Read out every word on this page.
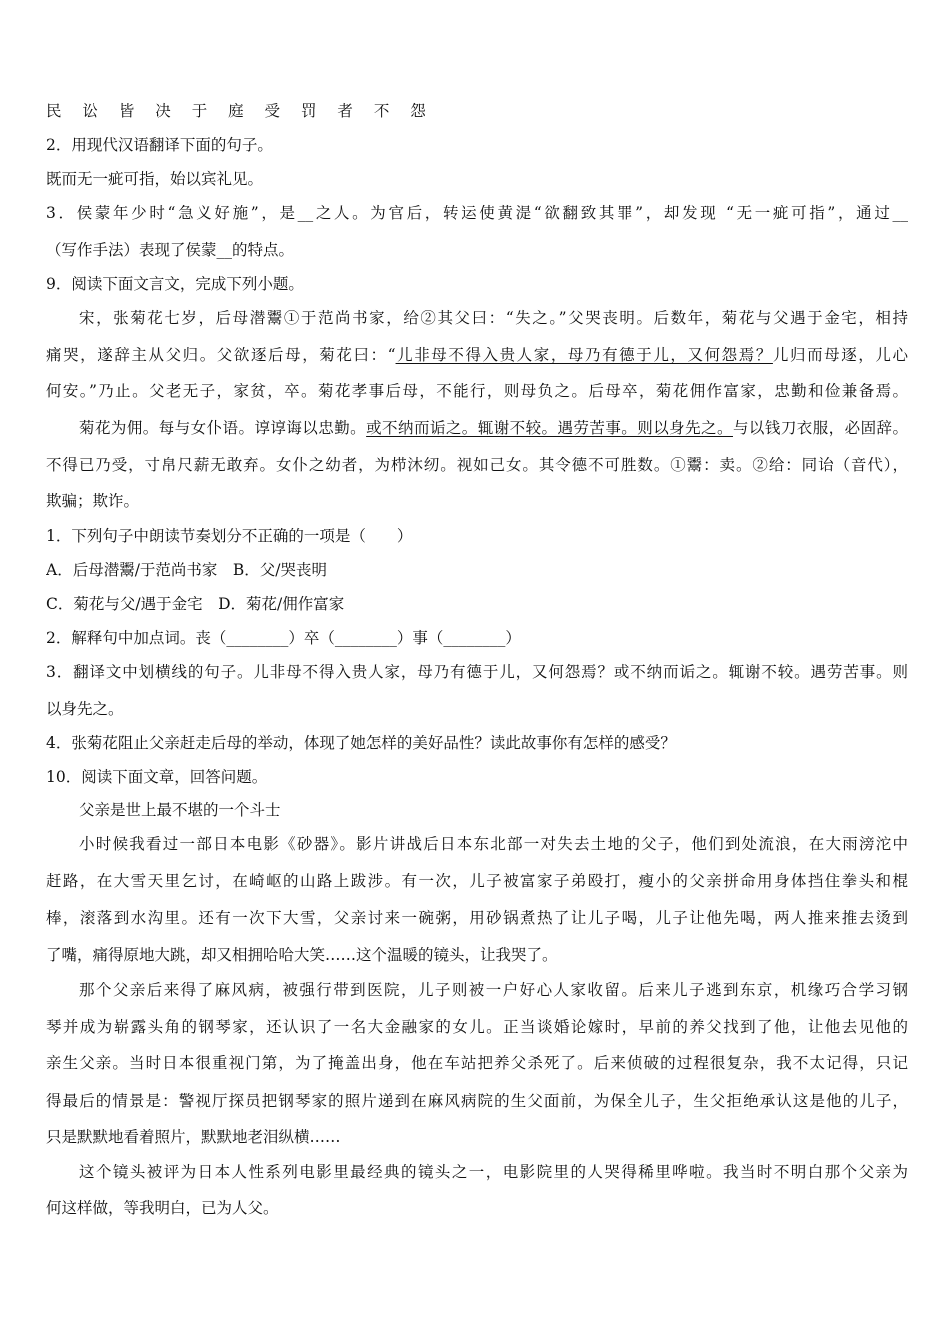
民 讼 皆 决 于 庭 受 罚 者 不 怨
2．用现代汉语翻译下面的句子。
既而无一疵可指，始以宾礼见。
3．侯蒙年少时“急义好施”，是__之人。为官后，转运使黄湜“欲翻致其罪”，却发现 “无一疵可指”，通过__
（写作手法）表现了侯蒙__的特点。
9．阅读下面文言文，完成下列小题。
宋，张菊花七岁，后母潜鬻①于范尚书家，给②其父曰：“失之。”父哭丧明。后数年，菊花与父遇于金宅，相持
痛哭，遂辞主从父归。父欲逐后母，菊花曰：“儿非母不得入贵人家，母乃有德于儿，又何怨焉？儿归而母逐，儿心
何安。”乃止。父老无子，家贫，卒。菊花孝事后母，不能行，则母负之。后母卒，菊花佣作富家，忠勤和俭兼备焉。
菊花为佣。每与女仆语。谆谆诲以忠勤。或不纳而诟之。辄谢不较。遇劳苦事。则以身先之。与以钱刀衣服，必固辞。
不得已乃受，寸帛尺薪无敢弃。女仆之幼者，为栉沐纫。视如己女。其令德不可胜数。①鬻：卖。②给：同诒（音代），
欺骗；欺诈。
1．下列句子中朗读节奏划分不正确的一项是（　　）
A．后母潜鬻/于范尚书家　B．父/哭丧明
C．菊花与父/遇于金宅　D．菊花/佣作富家
2．解释句中加点词。丧（________）卒（________）事（________）
3．翻译文中划横线的句子。儿非母不得入贵人家，母乃有德于儿，又何怨焉？或不纳而诟之。辄谢不较。遇劳苦事。则
以身先之。
4．张菊花阻止父亲赶走后母的举动，体现了她怎样的美好品性？读此故事你有怎样的感受？
10．阅读下面文章，回答问题。
父亲是世上最不堪的一个斗士
小时候我看过一部日本电影《砂器》。影片讲战后日本东北部一对失去土地的父子，他们到处流浪，在大雨滂沱中
赶路，在大雪天里乞讨，在崎岖的山路上跋涉。有一次，儿子被富家子弟殴打，瘦小的父亲拼命用身体挡住拳头和棍
棒，滚落到水沟里。还有一次下大雪，父亲讨来一碗粥，用砂锅煮热了让儿子喝，儿子让他先喝，两人推来推去烫到
了嘴，痛得原地大跳，却又相拥哈哈大笑……这个温暖的镜头，让我哭了。
那个父亲后来得了麻风病，被强行带到医院，儿子则被一户好心人家收留。后来儿子逃到东京，机缘巧合学习钢
琴并成为崭露头角的钢琴家，还认识了一名大金融家的女儿。正当谈婚论嫁时，早前的养父找到了他，让他去见他的
亲生父亲。当时日本很重视门第，为了掩盖出身，他在车站把养父杀死了。后来侦破的过程很复杂，我不太记得，只记
得最后的情景是：警视厅探员把钢琴家的照片递到在麻风病院的生父面前，为保全儿子，生父拒绝承认这是他的儿子，
只是默默地看着照片，默默地老泪纵横……
这个镜头被评为日本人性系列电影里最经典的镜头之一，电影院里的人哭得稀里哗啦。我当时不明白那个父亲为
何这样做，等我明白，已为人父。
